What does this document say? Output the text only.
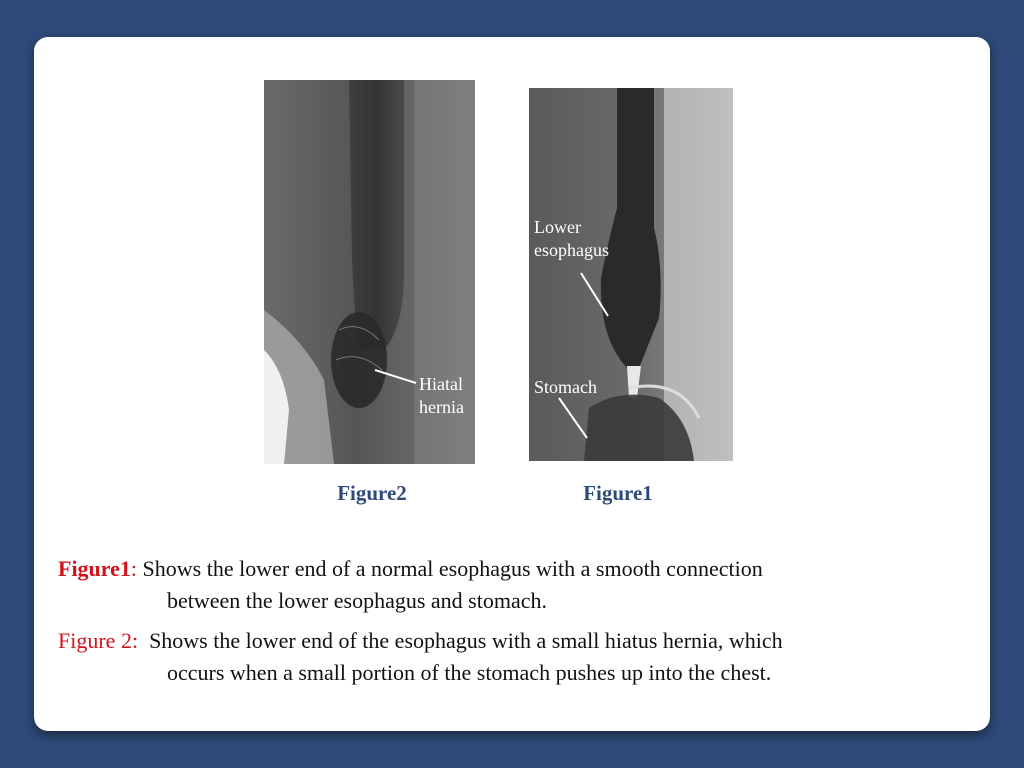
Hiatal
hernia
Lower
esophagus
Stomach
Figure2	Figure1
Figure1: Shows the lower end of a normal esophagus with a smooth connection
between the lower esophagus and stomach.
Figure 2:  Shows the lower end of the esophagus with a small hiatus hernia, which
occurs when a small portion of the stomach pushes up into the chest.
